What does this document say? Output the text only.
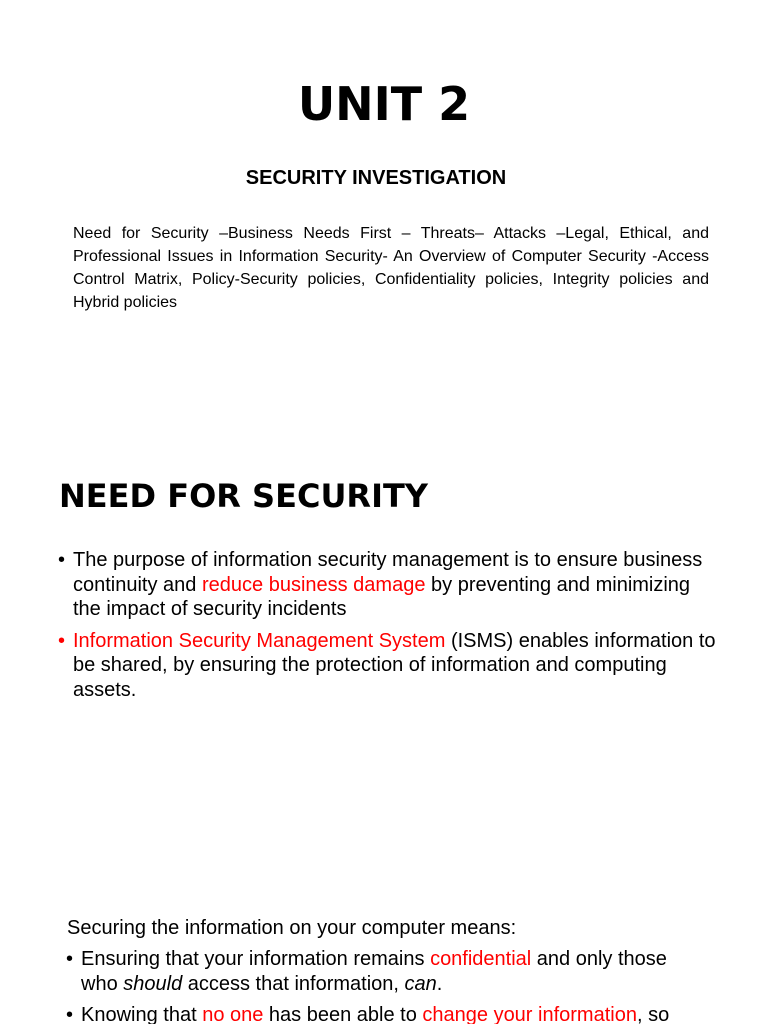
UNIT 2
SECURITY INVESTIGATION

Need for Security –Business Needs First – Threats– Attacks –Legal, Ethical, and Professional Issues in Information Security- An Overview of Computer Security -Access Control Matrix, Policy-Security policies, Confidentiality policies, Integrity policies and Hybrid policies

NEED FOR SECURITY
• The purpose of information security management is to ensure business continuity and reduce business damage by preventing and minimizing the impact of security incidents
• Information Security Management System (ISMS) enables information to be shared, by ensuring the protection of information and computing assets.

Securing the information on your computer means:

• Ensuring that your information remains confidential and only those who should access that information, can.
• Knowing that no one has been able to change your information, so
